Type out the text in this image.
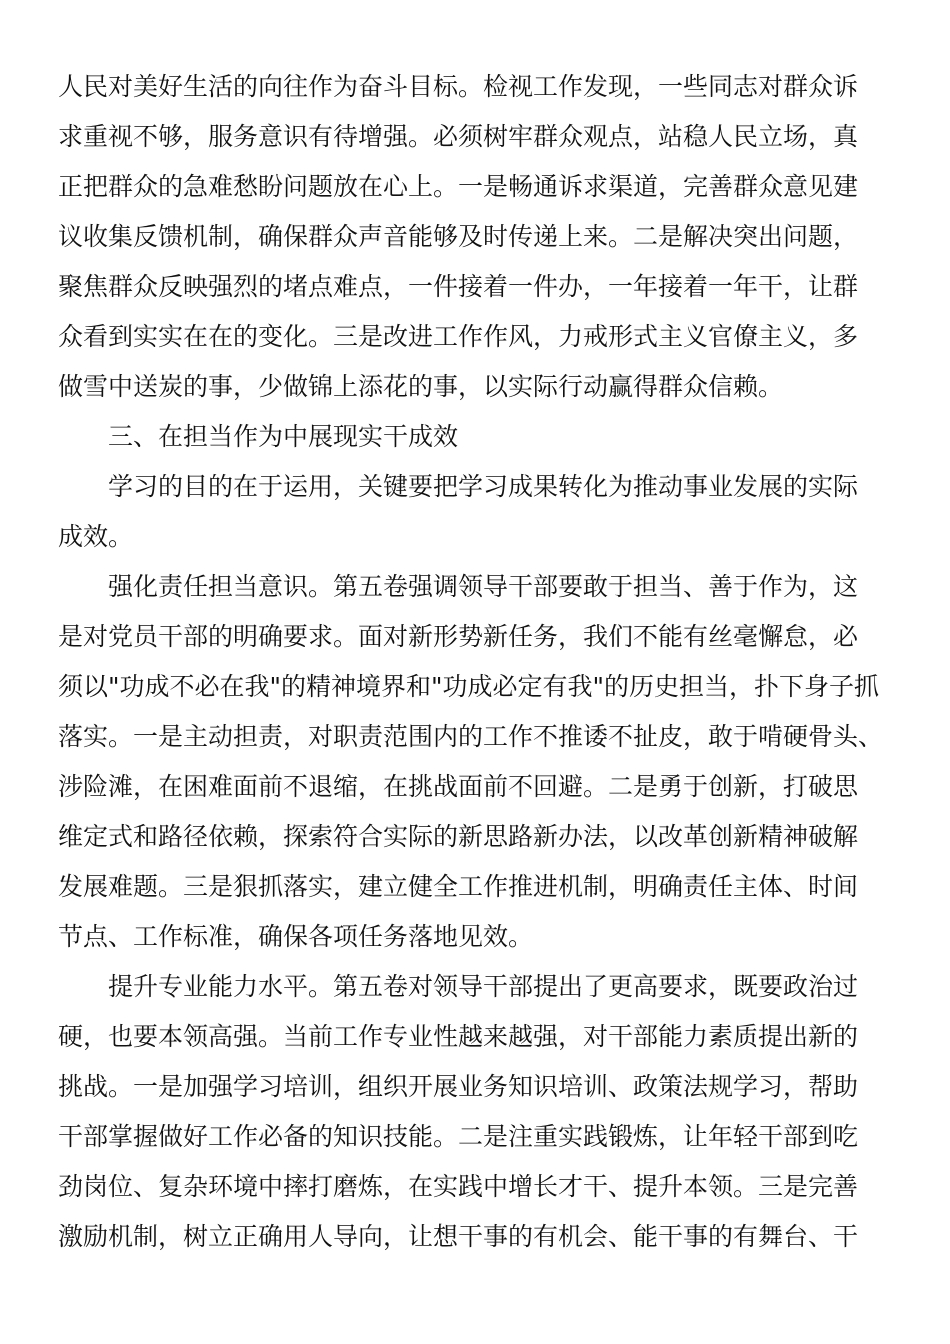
人民对美好生活的向往作为奋斗目标。检视工作发现，一些同志对群众诉
求重视不够，服务意识有待增强。必须树牢群众观点，站稳人民立场，真
正把群众的急难愁盼问题放在心上。一是畅通诉求渠道，完善群众意见建
议收集反馈机制，确保群众声音能够及时传递上来。二是解决突出问题，
聚焦群众反映强烈的堵点难点，一件接着一件办，一年接着一年干，让群
众看到实实在在的变化。三是改进工作作风，力戒形式主义官僚主义，多
做雪中送炭的事，少做锦上添花的事，以实际行动赢得群众信赖。
三、在担当作为中展现实干成效
学习的目的在于运用，关键要把学习成果转化为推动事业发展的实际
成效。
强化责任担当意识。第五卷强调领导干部要敢于担当、善于作为，这
是对党员干部的明确要求。面对新形势新任务，我们不能有丝毫懈怠，必
须以"功成不必在我"的精神境界和"功成必定有我"的历史担当，扑下身子抓
落实。一是主动担责，对职责范围内的工作不推诿不扯皮，敢于啃硬骨头、
涉险滩，在困难面前不退缩，在挑战面前不回避。二是勇于创新，打破思
维定式和路径依赖，探索符合实际的新思路新办法，以改革创新精神破解
发展难题。三是狠抓落实，建立健全工作推进机制，明确责任主体、时间
节点、工作标准，确保各项任务落地见效。
提升专业能力水平。第五卷对领导干部提出了更高要求，既要政治过
硬，也要本领高强。当前工作专业性越来越强，对干部能力素质提出新的
挑战。一是加强学习培训，组织开展业务知识培训、政策法规学习，帮助
干部掌握做好工作必备的知识技能。二是注重实践锻炼，让年轻干部到吃
劲岗位、复杂环境中摔打磨炼，在实践中增长才干、提升本领。三是完善
激励机制，树立正确用人导向，让想干事的有机会、能干事的有舞台、干
